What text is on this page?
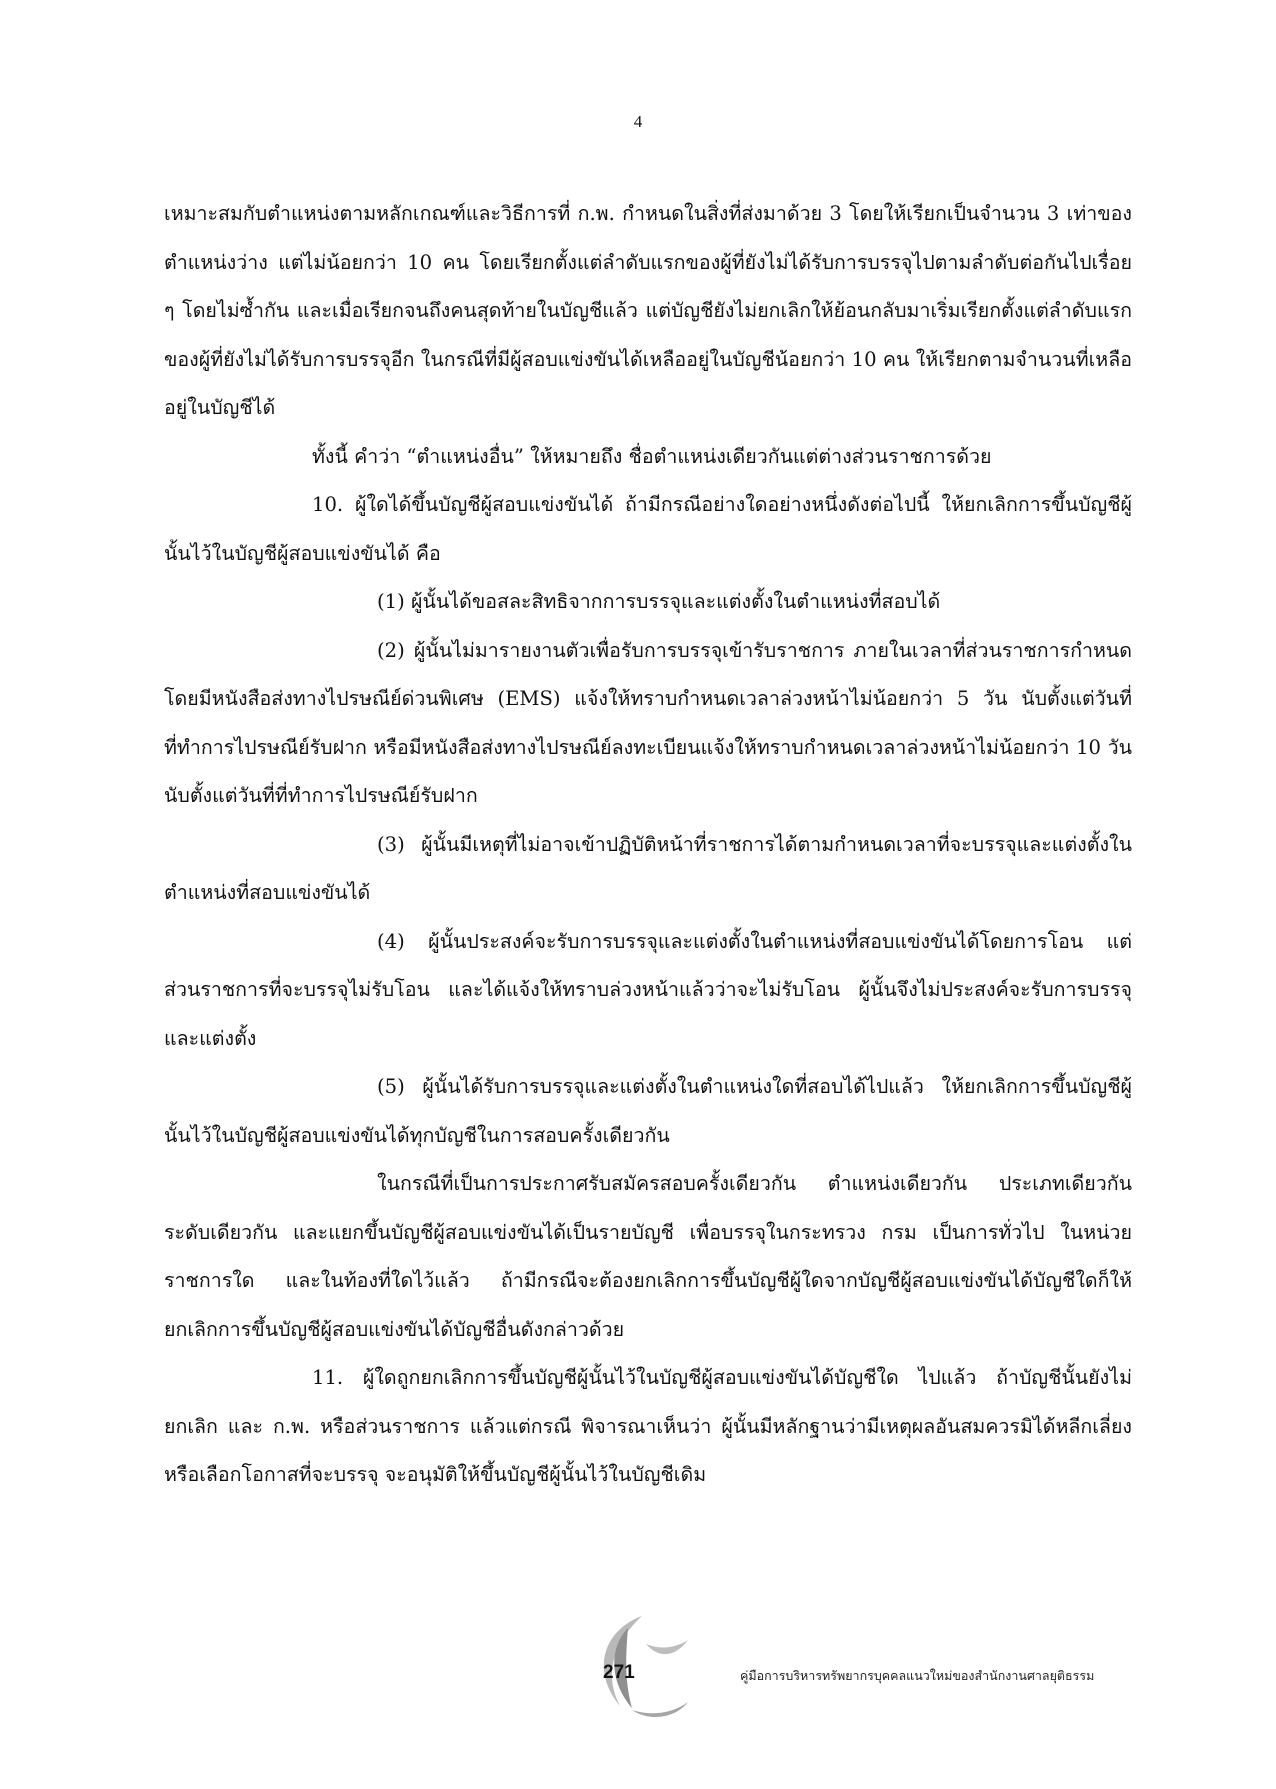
4

เหมาะสมกับตำแหน่งตามหลักเกณฑ์และวิธีการที่ ก.พ. กำหนดในสิ่งที่ส่งมาด้วย 3 โดยให้เรียกเป็นจำนวน 3 เท่าของตำแหน่งว่าง แต่ไม่น้อยกว่า 10 คน โดยเรียกตั้งแต่ลำดับแรกของผู้ที่ยังไม่ได้รับการบรรจุไปตามลำดับต่อกันไปเรื่อย ๆ โดยไม่ซ้ำกัน และเมื่อเรียกจนถึงคนสุดท้ายในบัญชีแล้ว แต่บัญชียังไม่ยกเลิกให้ย้อนกลับมาเริ่มเรียกตั้งแต่ลำดับแรกของผู้ที่ยังไม่ได้รับการบรรจุอีก ในกรณีที่มีผู้สอบแข่งขันได้เหลืออยู่ในบัญชีน้อยกว่า 10 คน ให้เรียกตามจำนวนที่เหลืออยู่ในบัญชีได้

ทั้งนี้ คำว่า “ตำแหน่งอื่น” ให้หมายถึง ชื่อตำแหน่งเดียวกันแต่ต่างส่วนราชการด้วย

10. ผู้ใดได้ขึ้นบัญชีผู้สอบแข่งขันได้ ถ้ามีกรณีอย่างใดอย่างหนึ่งดังต่อไปนี้ ให้ยกเลิกการขึ้นบัญชีผู้นั้นไว้ในบัญชีผู้สอบแข่งขันได้ คือ

(1) ผู้นั้นได้ขอสละสิทธิจากการบรรจุและแต่งตั้งในตำแหน่งที่สอบได้

(2) ผู้นั้นไม่มารายงานตัวเพื่อรับการบรรจุเข้ารับราชการ ภายในเวลาที่ส่วนราชการกำหนด โดยมีหนังสือส่งทางไปรษณีย์ด่วนพิเศษ (EMS) แจ้งให้ทราบกำหนดเวลาล่วงหน้าไม่น้อยกว่า 5 วัน นับตั้งแต่วันที่ที่ทำการไปรษณีย์รับฝาก หรือมีหนังสือส่งทางไปรษณีย์ลงทะเบียนแจ้งให้ทราบกำหนดเวลาล่วงหน้าไม่น้อยกว่า 10 วัน นับตั้งแต่วันที่ที่ทำการไปรษณีย์รับฝาก

(3) ผู้นั้นมีเหตุที่ไม่อาจเข้าปฏิบัติหน้าที่ราชการได้ตามกำหนดเวลาที่จะบรรจุและแต่งตั้งในตำแหน่งที่สอบแข่งขันได้

(4) ผู้นั้นประสงค์จะรับการบรรจุและแต่งตั้งในตำแหน่งที่สอบแข่งขันได้โดยการโอน แต่ส่วนราชการที่จะบรรจุไม่รับโอน และได้แจ้งให้ทราบล่วงหน้าแล้วว่าจะไม่รับโอน ผู้นั้นจึงไม่ประสงค์จะรับการบรรจุและแต่งตั้ง

(5) ผู้นั้นได้รับการบรรจุและแต่งตั้งในตำแหน่งใดที่สอบได้ไปแล้ว ให้ยกเลิกการขึ้นบัญชีผู้นั้นไว้ในบัญชีผู้สอบแข่งขันได้ทุกบัญชีในการสอบครั้งเดียวกัน

ในกรณีที่เป็นการประกาศรับสมัครสอบครั้งเดียวกัน ตำแหน่งเดียวกัน ประเภทเดียวกัน ระดับเดียวกัน และแยกขึ้นบัญชีผู้สอบแข่งขันได้เป็นรายบัญชี เพื่อบรรจุในกระทรวง กรม เป็นการทั่วไป ในหน่วยราชการใด และในท้องที่ใดไว้แล้ว ถ้ามีกรณีจะต้องยกเลิกการขึ้นบัญชีผู้ใดจากบัญชีผู้สอบแข่งขันได้บัญชีใดก็ให้ยกเลิกการขึ้นบัญชีผู้สอบแข่งขันได้บัญชีอื่นดังกล่าวด้วย

11. ผู้ใดถูกยกเลิกการขึ้นบัญชีผู้นั้นไว้ในบัญชีผู้สอบแข่งขันได้บัญชีใด ไปแล้ว ถ้าบัญชีนั้นยังไม่ยกเลิก และ ก.พ. หรือส่วนราชการ แล้วแต่กรณี พิจารณาเห็นว่า ผู้นั้นมีหลักฐานว่ามีเหตุผลอันสมควรมิได้หลีกเลี่ยงหรือเลือกโอกาสที่จะบรรจุ จะอนุมัติให้ขึ้นบัญชีผู้นั้นไว้ในบัญชีเดิม

271	คู่มือการบริหารทรัพยากรบุคคลแนวใหม่ของสำนักงานศาลยุติธรรม
